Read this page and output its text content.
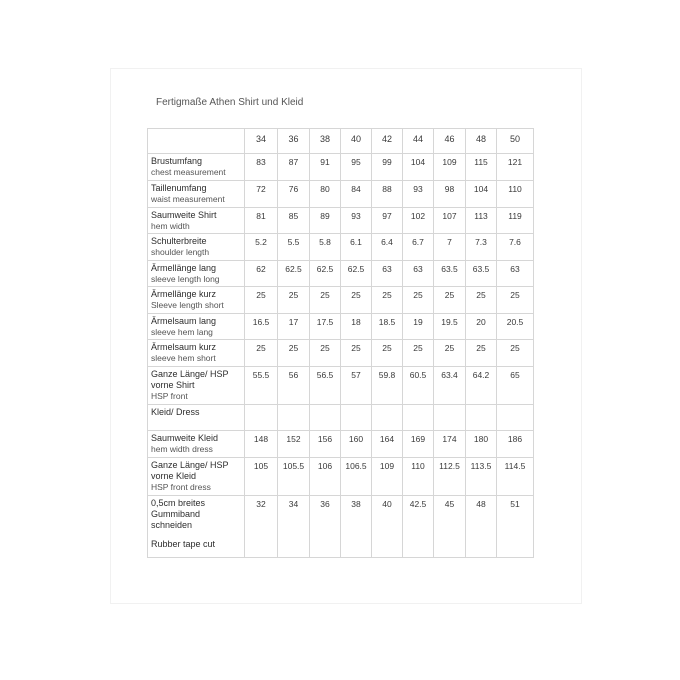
Fertigmaße Athen Shirt und Kleid
	34	36	38	40	42	44	46	48	50

Brustumfang
chest measurement	83	87	91	95	99	104	109	115	121

Taillenumfang
waist measurement	72	76	80	84	88	93	98	104	110

Saumweite Shirt
hem width	81	85	89	93	97	102	107	113	119

Schulterbreite
shoulder length	5.2	5.5	5.8	6.1	6.4	6.7	7	7.3	7.6

Ärmellänge lang
sleeve length long	62	62.5	62.5	62.5	63	63	63.5	63.5	63

Ärmellänge kurz
Sleeve length short	25	25	25	25	25	25	25	25	25

Ärmelsaum lang
sleeve hem lang	16.5	17	17.5	18	18.5	19	19.5	20	20.5

Ärmelsaum kurz
sleeve hem short	25	25	25	25	25	25	25	25	25

Ganze Länge/ HSP vorne Shirt
HSP front	55.5	56	56.5	57	59.8	60.5	63.4	64.2	65

Kleid/ Dress									

Saumweite Kleid
hem width dress	148	152	156	160	164	169	174	180	186

Ganze Länge/ HSP vorne Kleid
HSP front dress	105	105.5	106	106.5	109	110	112.5	113.5	114.5

0,5cm breites Gummiband schneiden
Rubber tape cut	32	34	36	38	40	42.5	45	48	51
